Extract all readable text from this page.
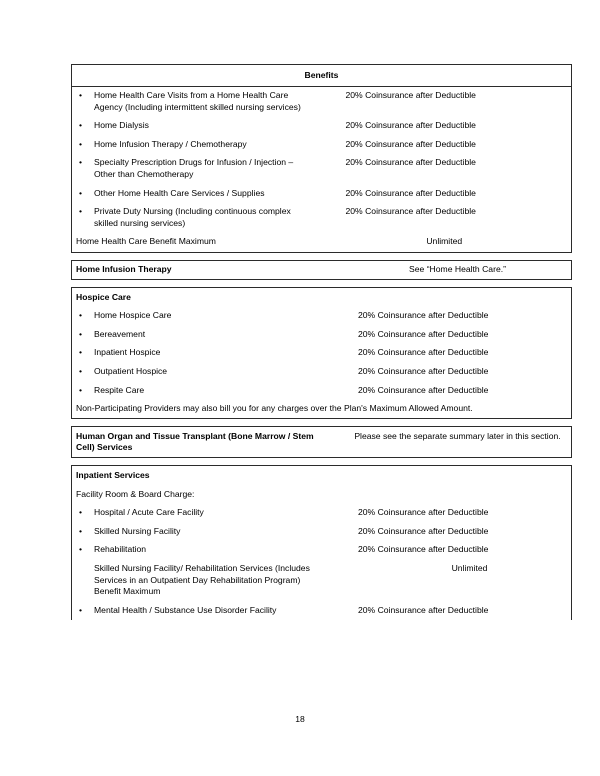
Benefits	

• Home Health Care Visits from a Home Health Care Agency (Including intermittent skilled nursing services)	20% Coinsurance after Deductible

• Home Dialysis	20% Coinsurance after Deductible

• Home Infusion Therapy / Chemotherapy	20% Coinsurance after Deductible

• Specialty Prescription Drugs for Infusion / Injection – Other than Chemotherapy	20% Coinsurance after Deductible

• Other Home Health Care Services / Supplies	20% Coinsurance after Deductible

• Private Duty Nursing (Including continuous complex skilled nursing services)	20% Coinsurance after Deductible
Home Health Care Benefit Maximum	Unlimited
Home Infusion Therapy	See “Home Health Care.”
Hospice Care	

• Home Hospice Care	20% Coinsurance after Deductible

• Bereavement	20% Coinsurance after Deductible

• Inpatient Hospice	20% Coinsurance after Deductible

• Outpatient Hospice	20% Coinsurance after Deductible

• Respite Care	20% Coinsurance after Deductible
Non-Participating Providers may also bill you for any charges over the Plan's Maximum Allowed Amount.	
Human Organ and Tissue Transplant (Bone Marrow / Stem Cell) Services	Please see the separate summary later in this section.
Inpatient Services	
Facility Room & Board Charge:	

• Hospital / Acute Care Facility	20% Coinsurance after Deductible

• Skilled Nursing Facility	20% Coinsurance after Deductible

• Rehabilitation	20% Coinsurance after Deductible
Skilled Nursing Facility/ Rehabilitation Services (Includes Services in an Outpatient Day Rehabilitation Program) Benefit Maximum	Unlimited

• Mental Health / Substance Use Disorder Facility	20% Coinsurance after Deductible
18
